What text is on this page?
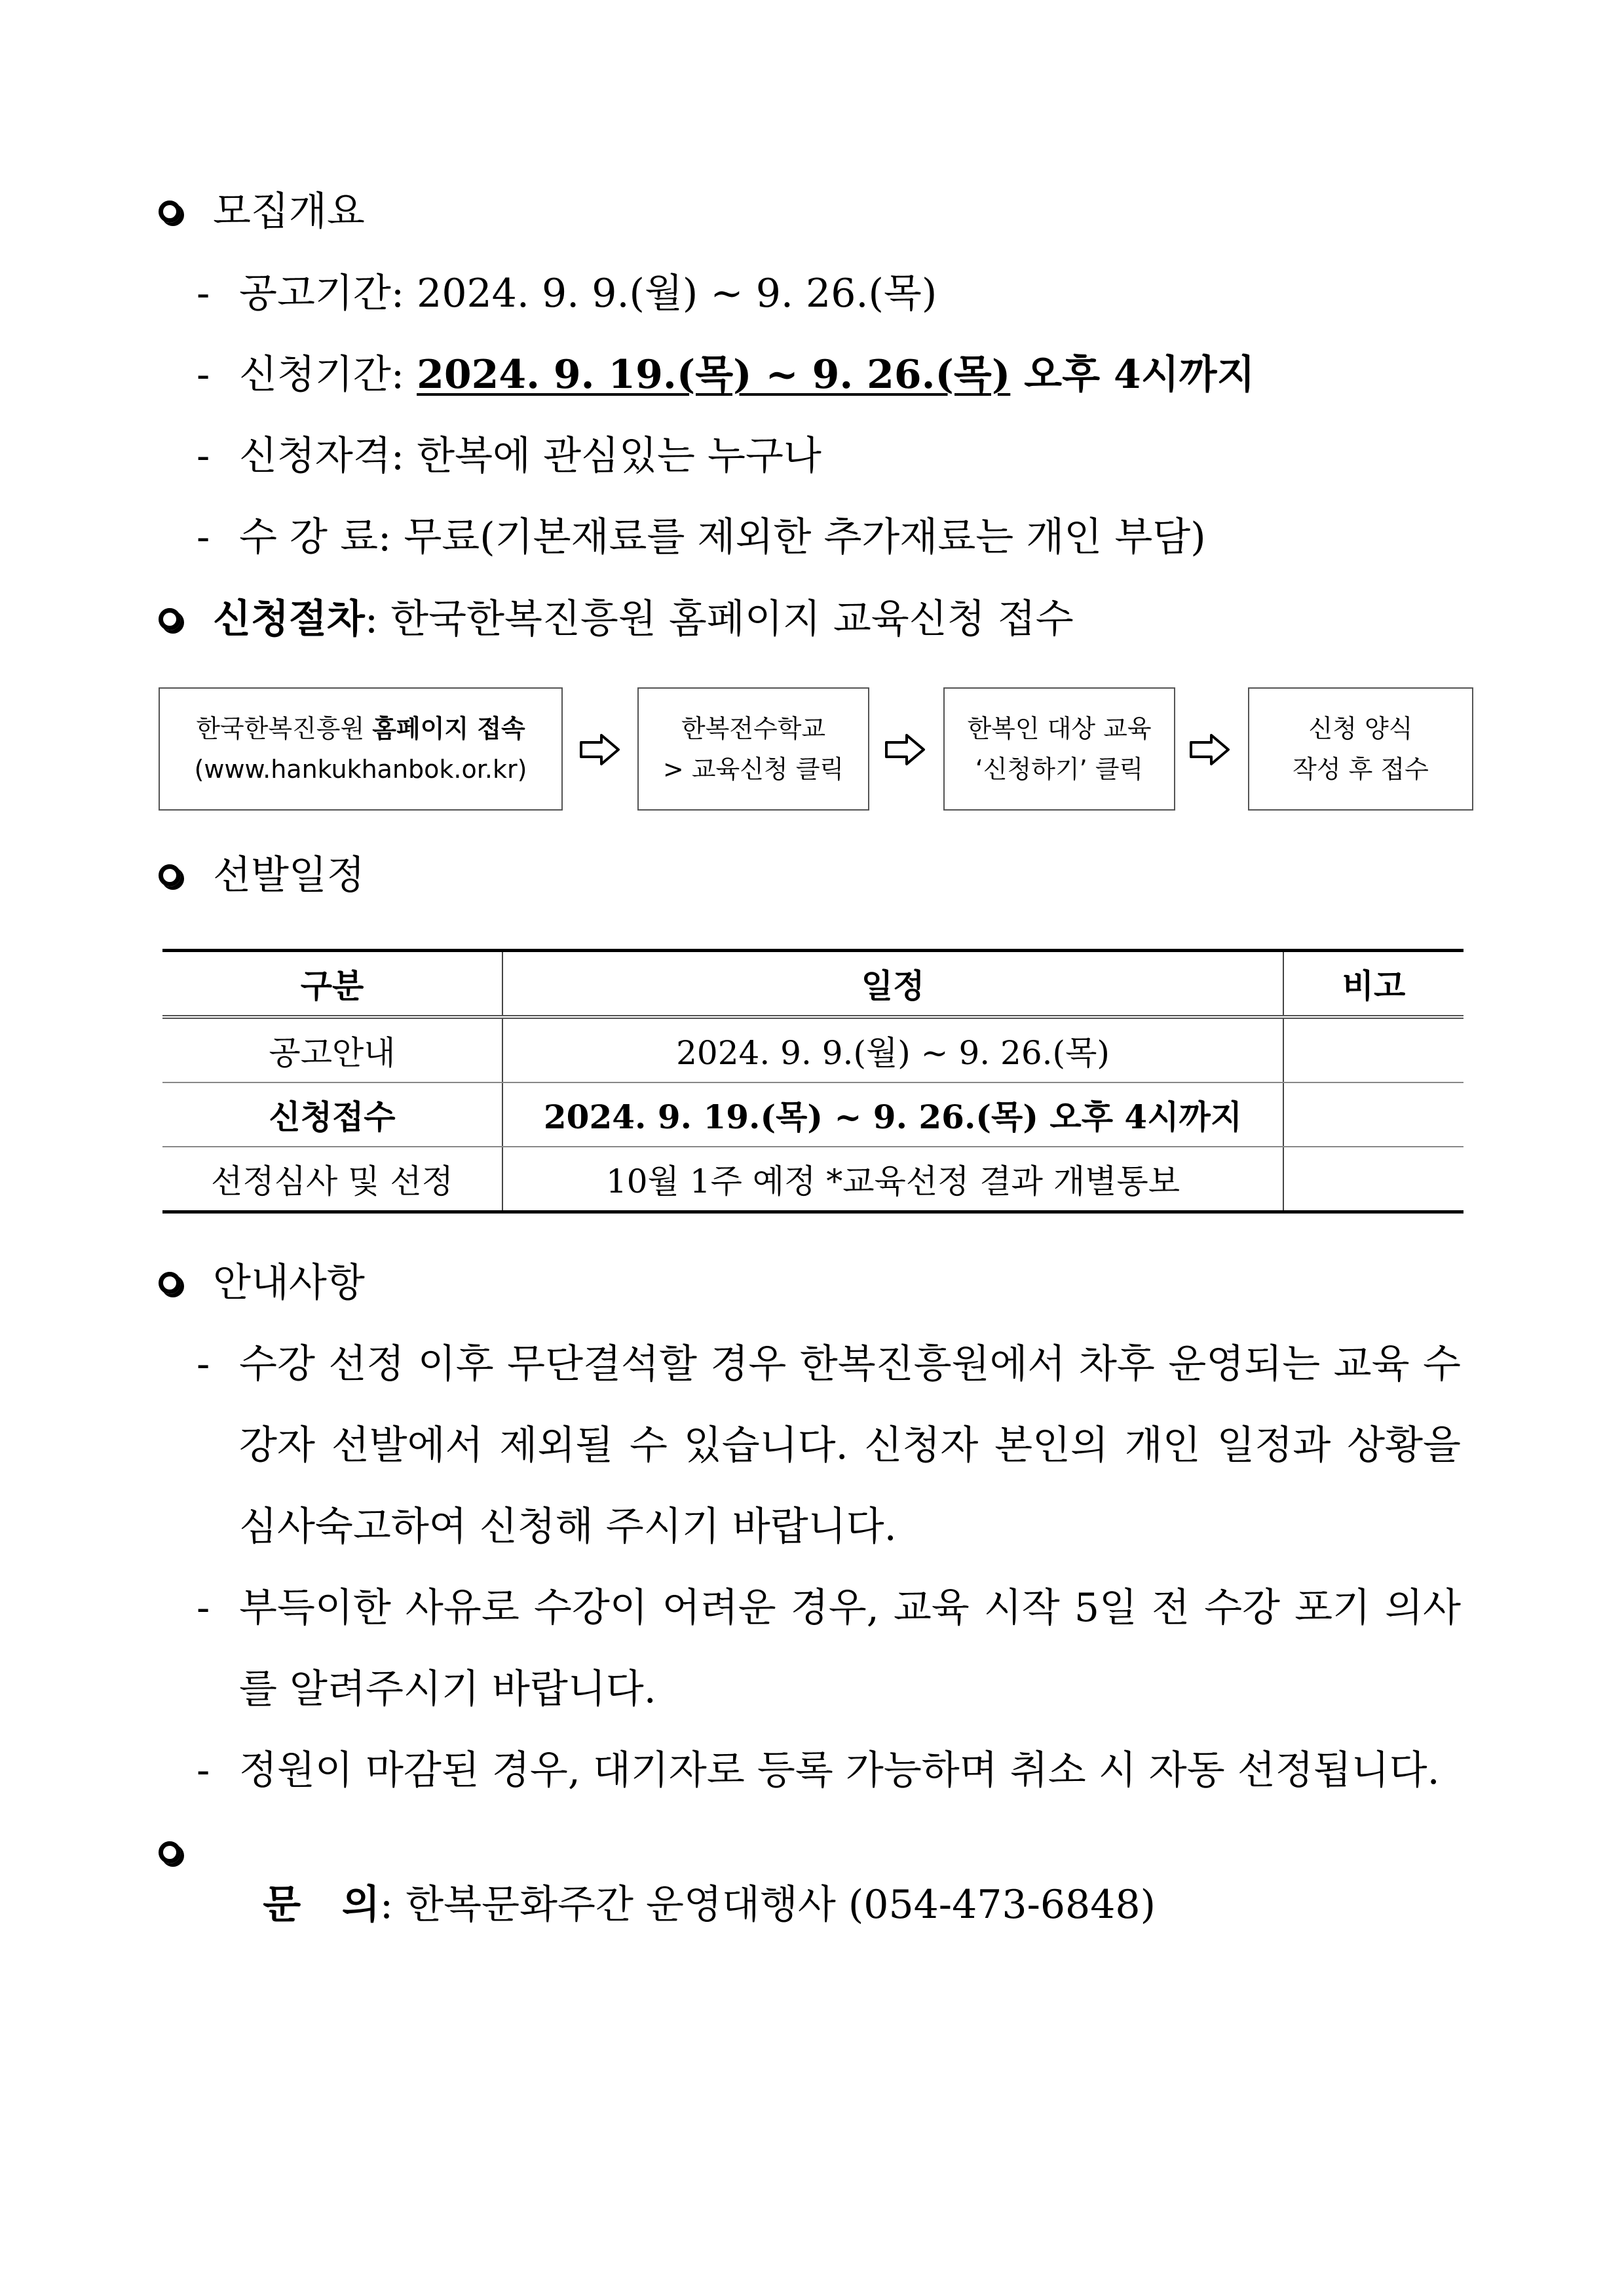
모집개요
- 공고기간: 2024. 9. 9.(월) ~ 9. 26.(목)
- 신청기간: 2024. 9. 19.(목) ~ 9. 26.(목) 오후 4시까지
- 신청자격: 한복에 관심있는 누구나
- 수 강 료: 무료(기본재료를 제외한 추가재료는 개인 부담)
신청절차: 한국한복진흥원 홈페이지 교육신청 접수
한국한복진흥원 홈페이지 접속
(www.hankukhanbok.or.kr)
한복전수학교
> 교육신청 클릭
한복인 대상 교육
‘신청하기’ 클릭
신청 양식
작성 후 접수
선발일정
구분	일정	비고
공고안내	2024. 9. 9.(월) ~ 9. 26.(목)	
신청접수	2024. 9. 19.(목) ~ 9. 26.(목) 오후 4시까지	
선정심사 및 선정	10월 1주 예정 *교육선정 결과 개별통보	
안내사항
- 수강 선정 이후 무단결석할 경우 한복진흥원에서 차후 운영되는 교육 수강자 선발에서 제외될 수 있습니다. 신청자 본인의 개인 일정과 상황을 심사숙고하여 신청해 주시기 바랍니다.
- 부득이한 사유로 수강이 어려운 경우, 교육 시작 5일 전 수강 포기 의사를 알려주시기 바랍니다.
- 정원이 마감된 경우, 대기자로 등록 가능하며 취소 시 자동 선정됩니다.

문   의: 한복문화주간 운영대행사 (054-473-6848)
